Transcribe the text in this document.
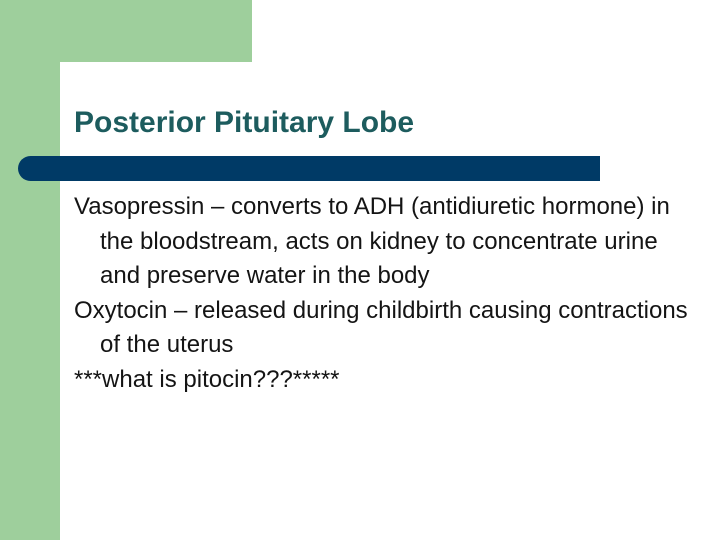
Posterior Pituitary Lobe

Vasopressin – converts to ADH (antidiuretic hormone) in the bloodstream, acts on kidney to concentrate urine and preserve water in the body

Oxytocin – released during childbirth causing contractions of the uterus

***what is pitocin???*****
